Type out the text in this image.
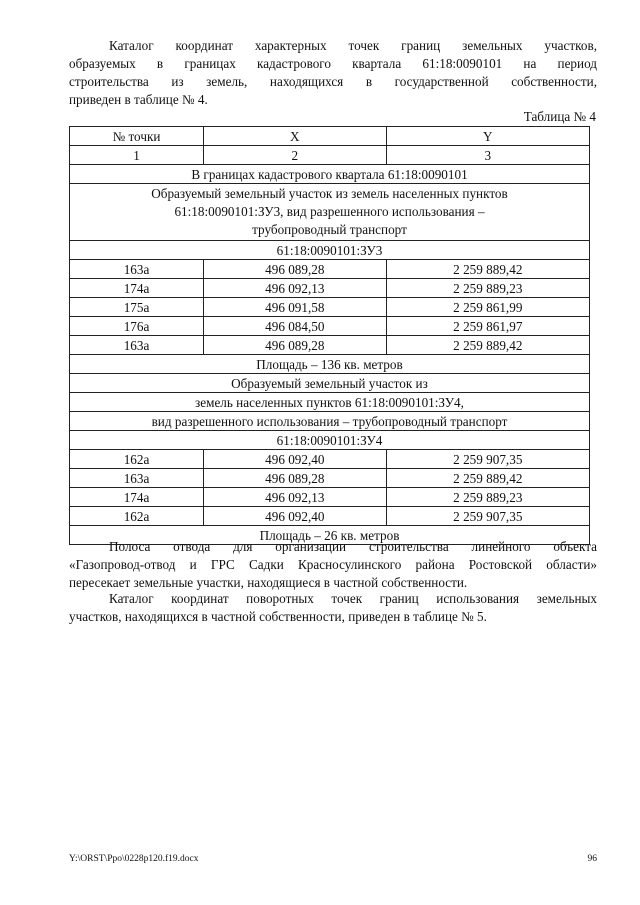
Каталог координат характерных точек границ земельных участков,
образуемых в границах кадастрового квартала 61:18:0090101 на период
строительства из земель, находящихся в государственной собственности,
приведен в таблице № 4.

Таблица № 4
№ точки	X	Y
1	2	3
В границах кадастрового квартала 61:18:0090101		
Образуемый земельный участок из земель населенных пунктов
61:18:0090101:ЗУ3, вид разрешенного использования –
трубопроводный транспорт		
61:18:0090101:ЗУ3		
163а	496 089,28	2 259 889,42
174а	496 092,13	2 259 889,23
175а	496 091,58	2 259 861,99
176а	496 084,50	2 259 861,97
163а	496 089,28	2 259 889,42
Площадь – 136 кв. метров		
Образуемый земельный участок из		
земель населенных пунктов 61:18:0090101:ЗУ4,		
вид разрешенного использования – трубопроводный транспорт		
61:18:0090101:ЗУ4		
162а	496 092,40	2 259 907,35
163а	496 089,28	2 259 889,42
174а	496 092,13	2 259 889,23
162а	496 092,40	2 259 907,35
Площадь – 26 кв. метров		

Полоса отвода для организации строительства линейного объекта
«Газопровод-отвод и ГРС Садки Красносулинского района Ростовской области»
пересекает земельные участки, находящиеся в частной собственности.

Каталог координат поворотных точек границ использования земельных
участков, находящихся в частной собственности, приведен в таблице № 5.

Y:\ORST\Ppo\0228p120.f19.docx	96
